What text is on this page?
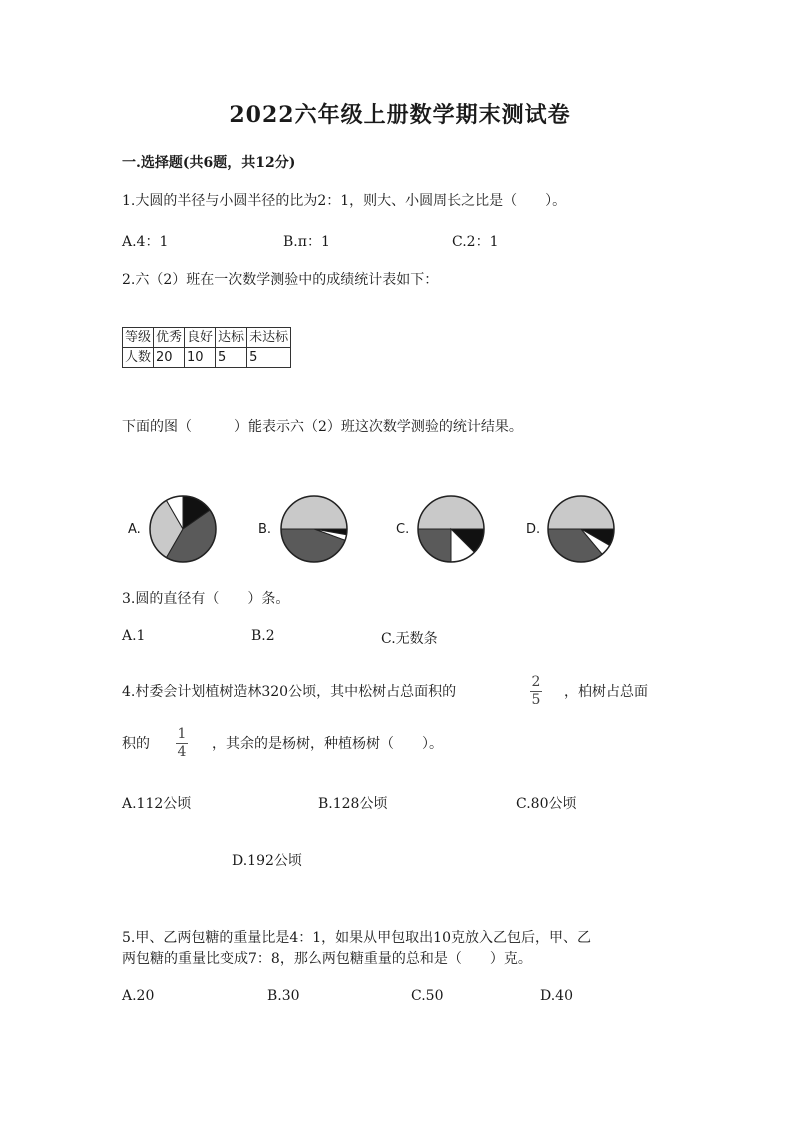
2022六年级上册数学期末测试卷
一.选择题(共6题，共12分)
1.大圆的半径与小圆半径的比为2：1，则大、小圆周长之比是（　　）。
A.4：1	B.π：1	C.2：1
2.六（2）班在一次数学测验中的成绩统计表如下：
等级	优秀	良好	达标	未达标
人数	20	10	5	5
下面的图（　　　）能表示六（2）班这次数学测验的统计结果。
A.	B.	C.	D.
3.圆的直径有（　　）条。
A.1	B.2	C.无数条
4.村委会计划植树造林320公顷，其中松树占总面积的
2
5 ，柏树占总面
积的
1
4 ，其余的是杨树，种植杨树（　　）。
A.112公顷	B.128公顷	C.80公顷
D.192公顷
5.甲、乙两包糖的重量比是4：1，如果从甲包取出10克放入乙包后，甲、乙
两包糖的重量比变成7：8，那么两包糖重量的总和是（　　）克。
A.20	B.30	C.50	D.40
